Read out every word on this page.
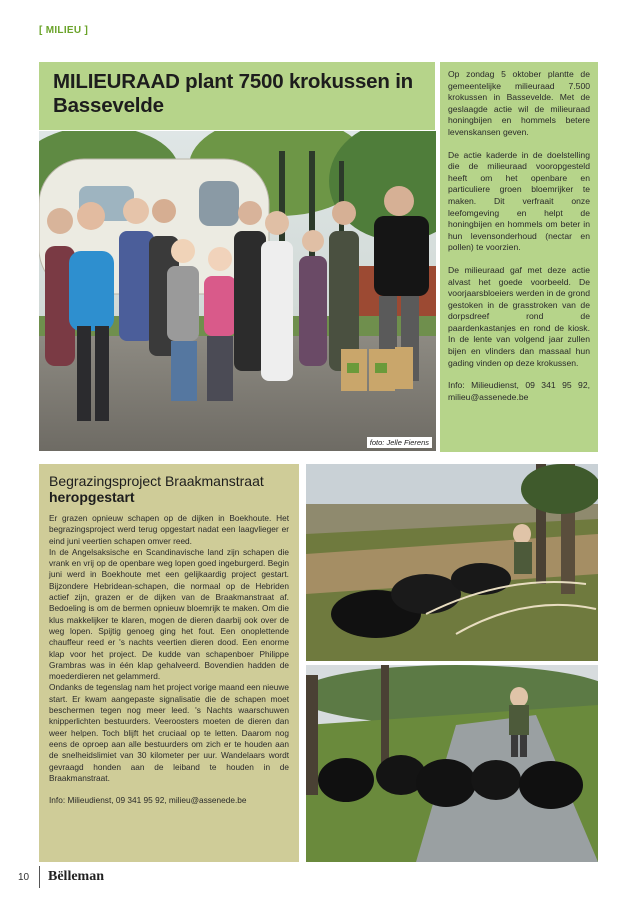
[ MILIEU ]
MILIEURAAD plant 7500 krokussen in Bassevelde

Op zondag 5 oktober plantte de gemeentelijke milieuraad 7.500 krokussen in Bassevelde. Met de geslaagde actie wil de milieuraad honingbijen en hommels betere levenskansen geven.

De actie kaderde in de doelstelling die de milieuraad vooropgesteld heeft om het openbare en particuliere groen bloemrijker te maken. Dit verfraait onze leefomgeving en helpt de honingbijen en hommels om beter in hun levensonderhoud (nectar en pollen) te voorzien.

De milieuraad gaf met deze actie alvast het goede voorbeeld. De voorjaarsbloeiers werden in de grond gestoken in de grasstroken van de dorpsdreef rond de paardenkastanjes en rond de kiosk. In de lente van volgend jaar zullen bijen en vlinders dan massaal hun gading vinden op deze krokussen.

Info: Milieudienst, 09 341 95 92, milieu@assenede.be

foto: Jelle Fierens
Begrazingsproject Braakmanstraat
heropgestart

Er grazen opnieuw schapen op de dijken in Boekhoute. Het begrazingsproject werd terug opgestart nadat een laagvlieger er eind juni veertien schapen omver reed.

In de Angelsaksische en Scandinavische land zijn schapen die vrank en vrij op de openbare weg lopen goed ingeburgerd. Begin juni werd in Boekhoute met een gelijkaardig project gestart. Bijzondere Hebridean-schapen, die normaal op de Hebriden actief zijn, grazen er de dijken van de Braakmanstraat af. Bedoeling is om de bermen opnieuw bloemrijk te maken. Om die klus makkelijker te klaren, mogen de dieren daarbij ook over de weg lopen. Spijtig genoeg ging het fout. Een onoplettende chauffeur reed er 's nachts veertien dieren dood. Een enorme klap voor het project. De kudde van schapenboer Philippe Grambras was in één klap gehalveerd. Bovendien hadden de moederdieren net gelammerd.

Ondanks de tegenslag nam het project vorige maand een nieuwe start. Er kwam aangepaste signalisatie die de schapen moet beschermen tegen nog meer leed. 's Nachts waarschuwen knipperlichten bestuurders. Veeroosters moeten de dieren dan weer helpen. Toch blijft het cruciaal op te letten. Daarom nog eens de oproep aan alle bestuurders om zich er te houden aan de snelheidslimiet van 30 kilometer per uur. Wandelaars wordt gevraagd honden aan de leiband te houden in de Braakmanstraat.

Info: Milieudienst, 09 341 95 92, milieu@assenede.be
10 Bëlleman
